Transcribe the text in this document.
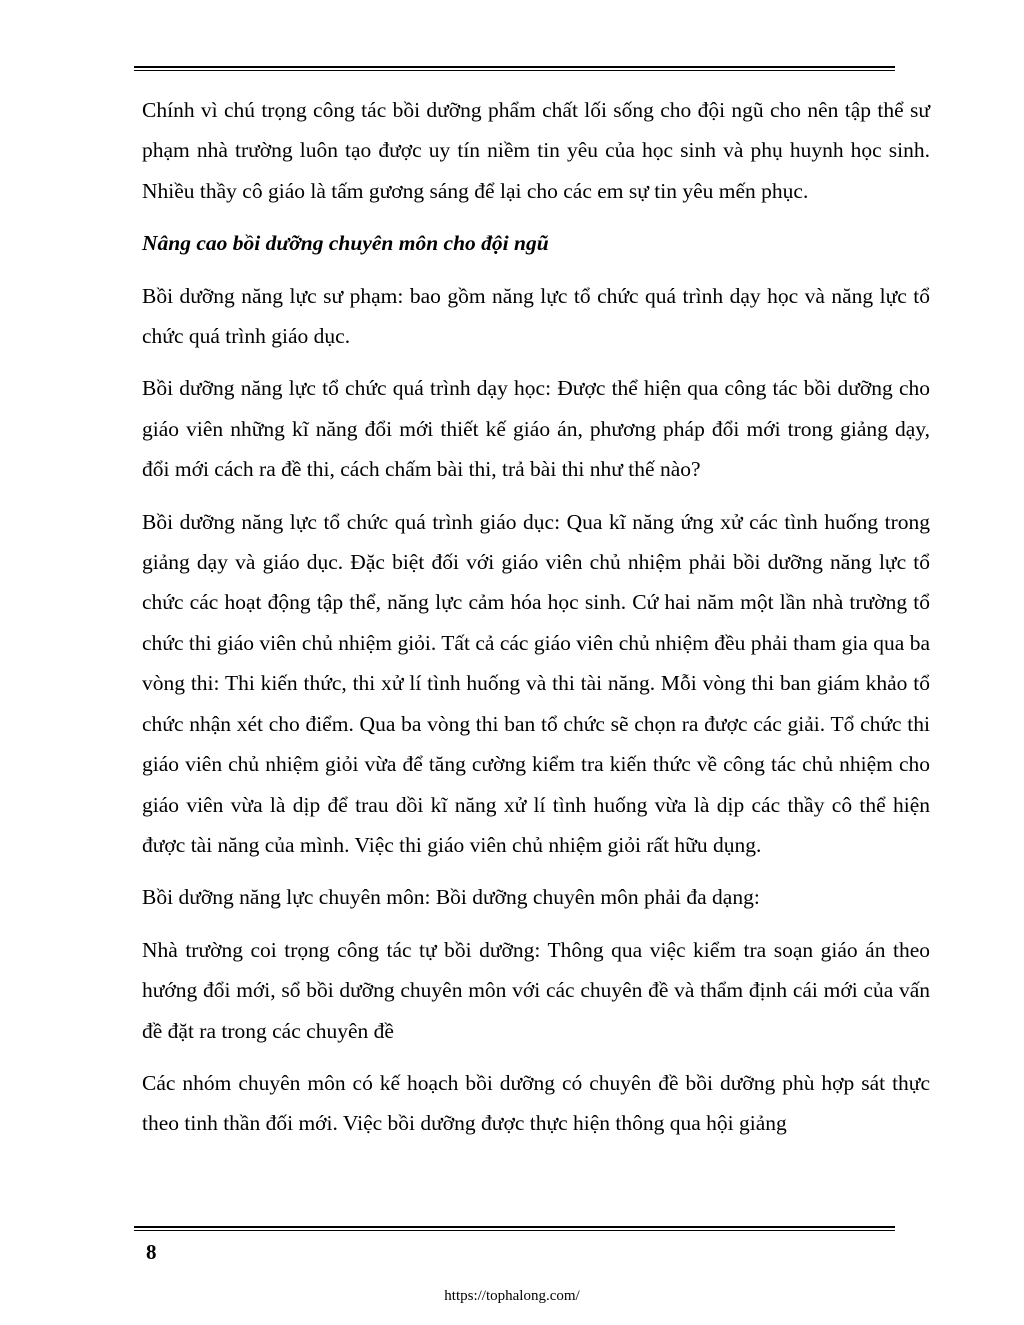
Chính vì chú trọng công tác bồi dưỡng phẩm chất lối sống cho đội ngũ cho nên tập thể sư phạm nhà trường luôn tạo được uy tín niềm tin yêu của học sinh và phụ huynh học sinh. Nhiều thầy cô giáo là tấm gương sáng để lại cho các em sự tin yêu mến phục.

Nâng cao bồi dưỡng chuyên môn cho đội ngũ

Bồi dưỡng năng lực sư phạm: bao gồm năng lực tổ chức quá trình dạy học và năng lực tổ chức quá trình giáo dục.

Bồi dưỡng năng lực tổ chức quá trình dạy học: Được thể hiện qua công tác bồi dưỡng cho giáo viên những kĩ năng đổi mới thiết kế giáo án, phương pháp đổi mới trong giảng dạy, đổi mới cách ra đề thi, cách chấm bài thi, trả bài thi như thế nào?

Bồi dưỡng năng lực tổ chức quá trình giáo dục: Qua kĩ năng ứng xử các tình huống trong giảng dạy và giáo dục. Đặc biệt đối với giáo viên chủ nhiệm phải bồi dưỡng năng lực tổ chức các hoạt động tập thể, năng lực cảm hóa học sinh. Cứ hai năm một lần nhà trường tổ chức thi giáo viên chủ nhiệm giỏi. Tất cả các giáo viên chủ nhiệm đều phải tham gia qua ba vòng thi: Thi kiến thức, thi xử lí tình huống và thi tài năng. Mỗi vòng thi ban giám khảo tổ chức nhận xét cho điểm. Qua ba vòng thi ban tổ chức sẽ chọn ra được các giải. Tổ chức thi giáo viên chủ nhiệm giỏi vừa để tăng cường kiểm tra kiến thức về công tác chủ nhiệm cho giáo viên vừa là dịp để trau dồi kĩ năng xử lí tình huống vừa là dịp các thầy cô thể hiện được tài năng của mình. Việc thi giáo viên chủ nhiệm giỏi rất hữu dụng.

Bồi dưỡng năng lực chuyên môn: Bồi dưỡng chuyên môn phải đa dạng:

Nhà trường coi trọng công tác tự bồi dưỡng: Thông qua việc kiểm tra soạn giáo án theo hướng đổi mới, sổ bồi dưỡng chuyên môn với các chuyên đề và thẩm định cái mới của vấn đề đặt ra trong các chuyên đề

Các nhóm chuyên môn có kế hoạch bồi dưỡng có chuyên đề bồi dưỡng phù hợp sát thực theo tinh thần đối mới. Việc bồi dưỡng được thực hiện thông qua hội giảng

8
https://tophalong.com/
